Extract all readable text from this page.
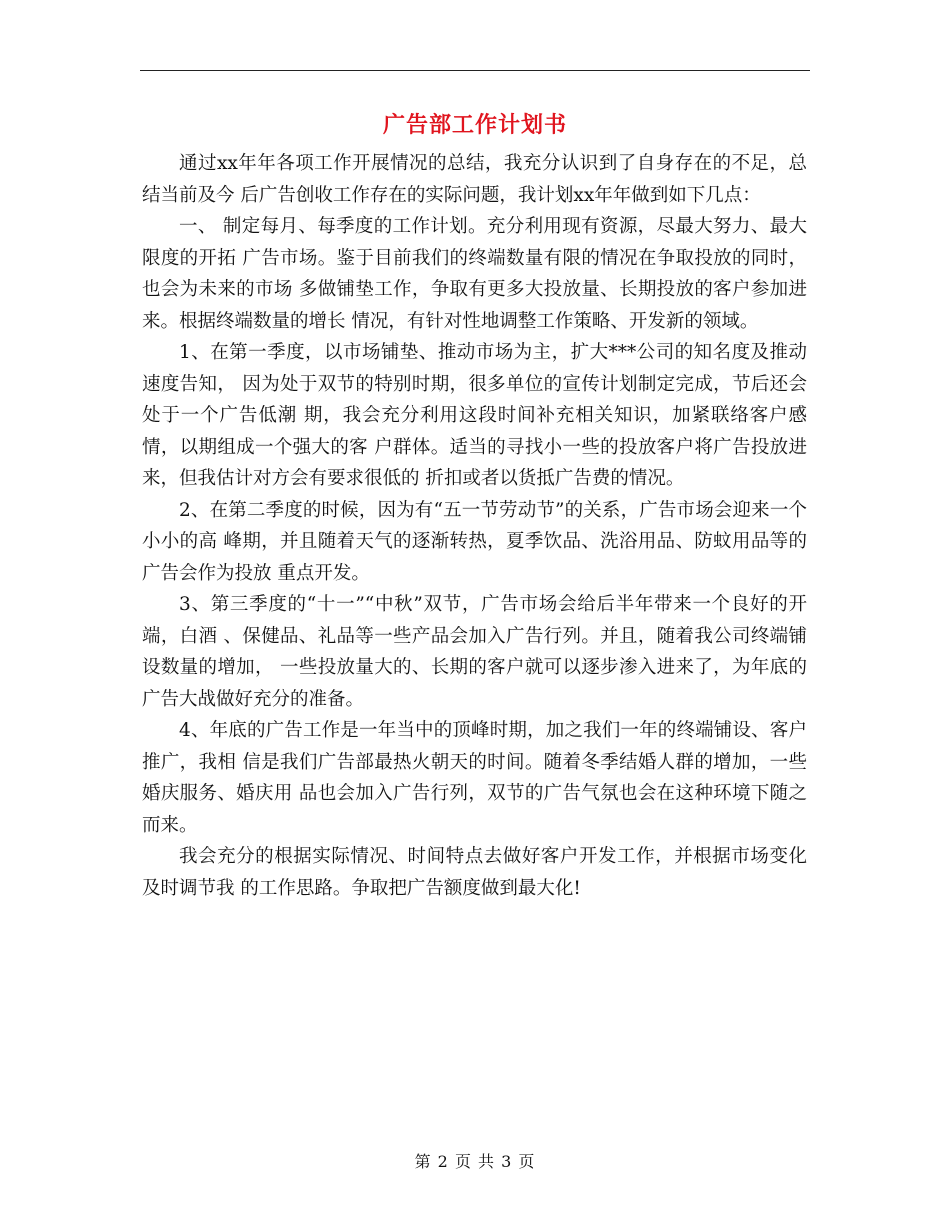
广告部工作计划书

通过xx年年各项工作开展情况的总结，我充分认识到了自身存在的不足，总结当前及今 后广告创收工作存在的实际问题，我计划xx年年做到如下几点：

一、 制定每月、每季度的工作计划。充分利用现有资源，尽最大努力、最大限度的开拓 广告市场。鉴于目前我们的终端数量有限的情况在争取投放的同时，也会为未来的市场 多做铺垫工作，争取有更多大投放量、长期投放的客户参加进来。根据终端数量的增长 情况，有针对性地调整工作策略、开发新的领域。

1、在第一季度，以市场铺垫、推动市场为主，扩大***公司的知名度及推动速度告知， 因为处于双节的特别时期，很多单位的宣传计划制定完成，节后还会处于一个广告低潮 期，我会充分利用这段时间补充相关知识，加紧联络客户感情，以期组成一个强大的客 户群体。适当的寻找小一些的投放客户将广告投放进来，但我估计对方会有要求很低的 折扣或者以货抵广告费的情况。

2、在第二季度的时候，因为有“五一节劳动节”的关系，广告市场会迎来一个小小的高 峰期，并且随着天气的逐渐转热，夏季饮品、洗浴用品、防蚊用品等的广告会作为投放 重点开发。

3、第三季度的“十一”“中秋”双节，广告市场会给后半年带来一个良好的开端，白酒 、保健品、礼品等一些产品会加入广告行列。并且，随着我公司终端铺设数量的增加， 一些投放量大的、长期的客户就可以逐步渗入进来了，为年底的广告大战做好充分的准备。

4、年底的广告工作是一年当中的顶峰时期，加之我们一年的终端铺设、客户推广，我相 信是我们广告部最热火朝天的时间。随着冬季结婚人群的增加，一些婚庆服务、婚庆用 品也会加入广告行列，双节的广告气氛也会在这种环境下随之而来。

我会充分的根据实际情况、时间特点去做好客户开发工作，并根据市场变化及时调节我 的工作思路。争取把广告额度做到最大化!

第 2 页 共 3 页
